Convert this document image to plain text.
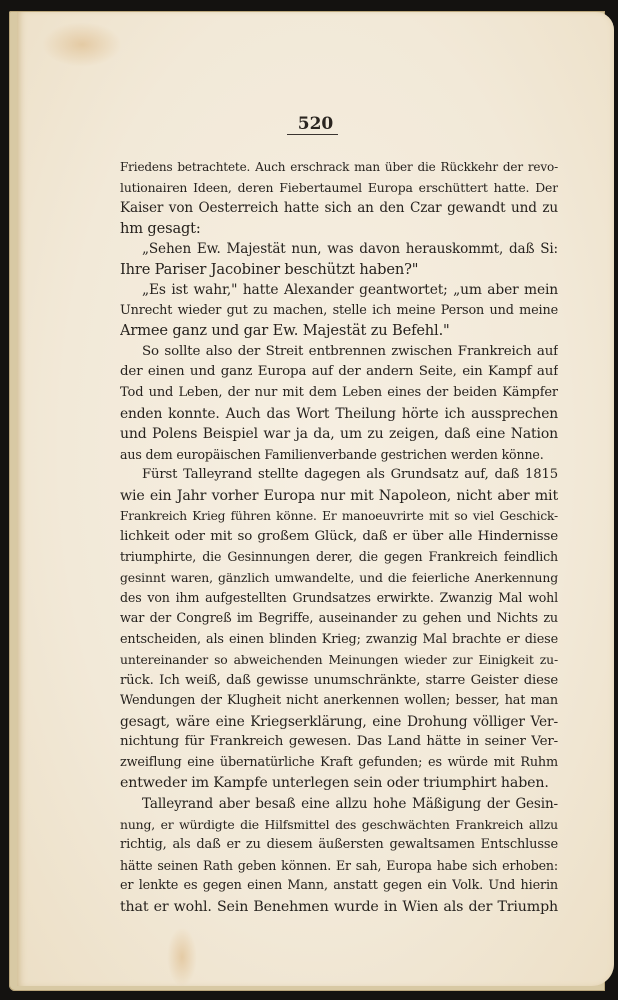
520
Friedens betrachtete. Auch erschrack man über die Rückkehr der revo-
lutionairen Ideen, deren Fiebertaumel Europa erschüttert hatte. Der
Kaiser von Oesterreich hatte sich an den Czar gewandt und zu
hm gesagt:
„Sehen Ew. Majestät nun, was davon herauskommt, daß Si:
Ihre Pariser Jacobiner beschützt haben?"
„Es ist wahr," hatte Alexander geantwortet; „um aber mein
Unrecht wieder gut zu machen, stelle ich meine Person und meine
Armee ganz und gar Ew. Majestät zu Befehl."
So sollte also der Streit entbrennen zwischen Frankreich auf
der einen und ganz Europa auf der andern Seite, ein Kampf auf
Tod und Leben, der nur mit dem Leben eines der beiden Kämpfer
enden konnte. Auch das Wort Theilung hörte ich aussprechen
und Polens Beispiel war ja da, um zu zeigen, daß eine Nation
aus dem europäischen Familienverbande gestrichen werden könne.
Fürst Talleyrand stellte dagegen als Grundsatz auf, daß 1815
wie ein Jahr vorher Europa nur mit Napoleon, nicht aber mit
Frankreich Krieg führen könne. Er manoeuvrirte mit so viel Geschick-
lichkeit oder mit so großem Glück, daß er über alle Hindernisse
triumphirte, die Gesinnungen derer, die gegen Frankreich feindlich
gesinnt waren, gänzlich umwandelte, und die feierliche Anerkennung
des von ihm aufgestellten Grundsatzes erwirkte. Zwanzig Mal wohl
war der Congreß im Begriffe, auseinander zu gehen und Nichts zu
entscheiden, als einen blinden Krieg; zwanzig Mal brachte er diese
untereinander so abweichenden Meinungen wieder zur Einigkeit zu-
rück. Ich weiß, daß gewisse unumschränkte, starre Geister diese
Wendungen der Klugheit nicht anerkennen wollen; besser, hat man
gesagt, wäre eine Kriegserklärung, eine Drohung völliger Ver-
nichtung für Frankreich gewesen. Das Land hätte in seiner Ver-
zweiflung eine übernatürliche Kraft gefunden; es würde mit Ruhm
entweder im Kampfe unterlegen sein oder triumphirt haben.
Talleyrand aber besaß eine allzu hohe Mäßigung der Gesin-
nung, er würdigte die Hilfsmittel des geschwächten Frankreich allzu
richtig, als daß er zu diesem äußersten gewaltsamen Entschlusse
hätte seinen Rath geben können. Er sah, Europa habe sich erhoben:
er lenkte es gegen einen Mann, anstatt gegen ein Volk. Und hierin
that er wohl. Sein Benehmen wurde in Wien als der Triumph
